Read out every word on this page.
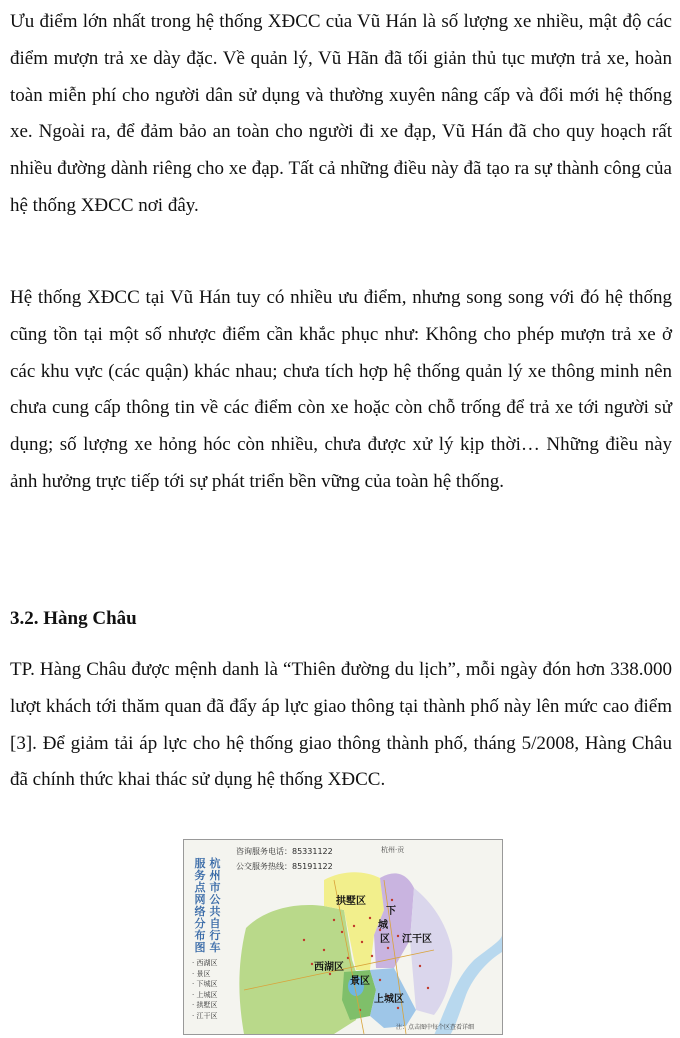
Ưu điểm lớn nhất trong hệ thống XĐCC của Vũ Hán là số lượng xe nhiều, mật độ các điểm mượn trả xe dày đặc. Về quản lý, Vũ Hãn đã tối giản thủ tục mượn trả xe, hoàn toàn miễn phí cho người dân sử dụng và thường xuyên nâng cấp và đổi mới hệ thống xe. Ngoài ra, để đảm bảo an toàn cho người đi xe đạp, Vũ Hán đã cho quy hoạch rất nhiều đường dành riêng cho xe đạp. Tất cả những điều này đã tạo ra sự thành công của hệ thống XĐCC nơi đây.

Hệ thống XĐCC tại Vũ Hán tuy có nhiều ưu điểm, nhưng song song với đó hệ thống cũng tồn tại một số nhược điểm cần khắc phục như: Không cho phép mượn trả xe ở các khu vực (các quận) khác nhau; chưa tích hợp hệ thống quản lý xe thông minh nên chưa cung cấp thông tin về các điểm còn xe hoặc còn chỗ trống để trả xe tới người sử dụng; số lượng xe hỏng hóc còn nhiều, chưa được xử lý kịp thời… Những điều này ảnh hưởng trực tiếp tới sự phát triển bền vững của toàn hệ thống.

3.2. Hàng Châu

TP. Hàng Châu được mệnh danh là “Thiên đường du lịch”, mỗi ngày đón hơn 338.000 lượt khách tới thăm quan đã đẩy áp lực giao thông tại thành phố này lên mức cao điểm [3]. Để giảm tải áp lực cho hệ thống giao thông thành phố, tháng 5/2008, Hàng Châu đã chính thức khai thác sử dụng hệ thống XĐCC.

咨询服务电话：85331122
公交服务热线：85191122
杭州·贡
杭
州
市
公
共
自
行
车
服
务
点
网
络
分
布
图
· 西湖区
· 景区
· 下城区
· 上城区
· 拱墅区
· 江干区
拱墅区
下
城
区 江干区
西湖区
景区
上城区
注：点击图中每个区查看详细
